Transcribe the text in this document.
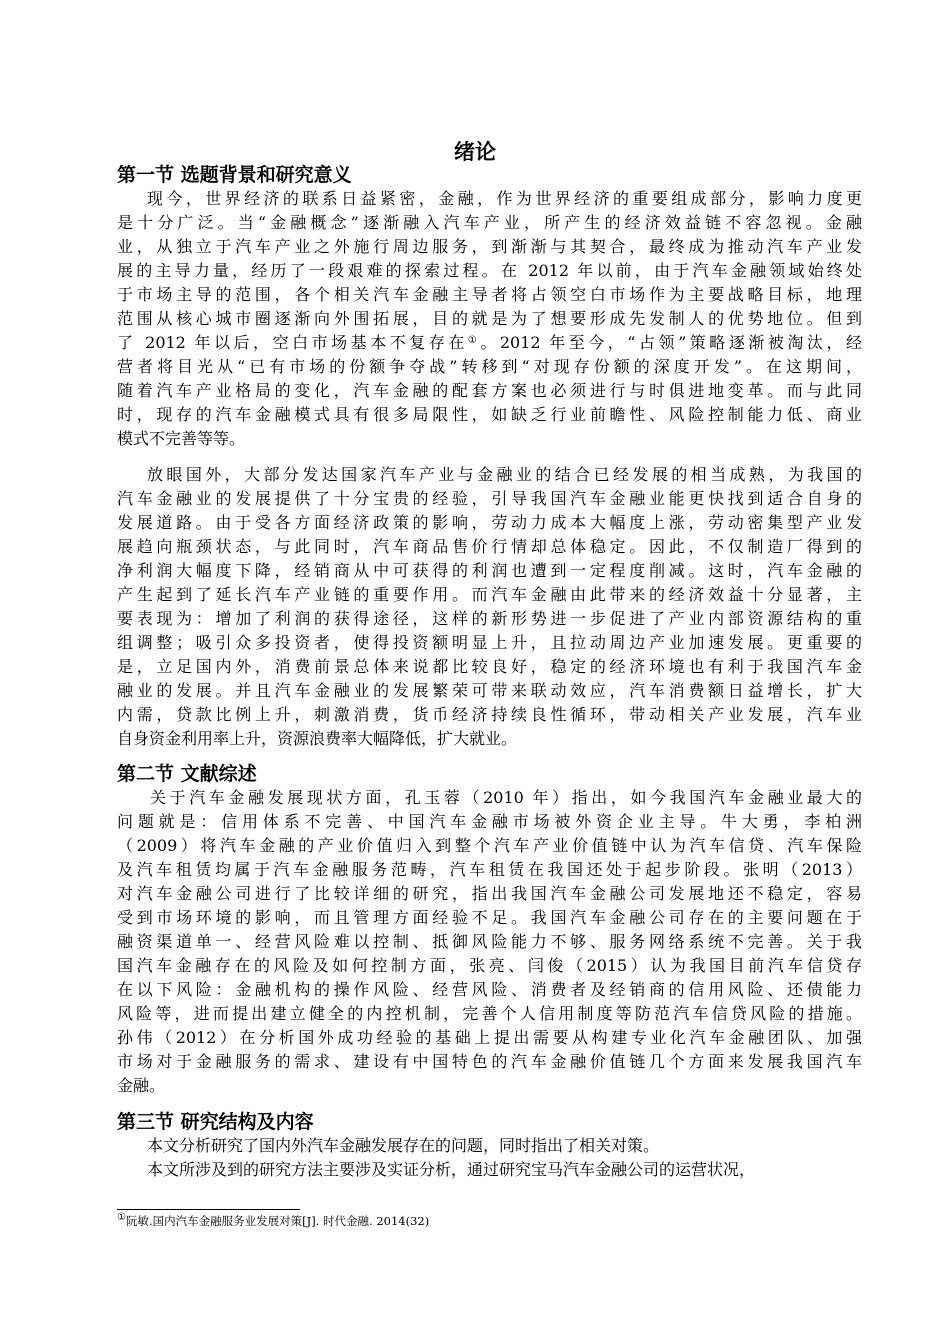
绪论
第一节 选题背景和研究意义
现今，世界经济的联系日益紧密，金融，作为世界经济的重要组成部分，影响力度更
是十分广泛。当“金融概念”逐渐融入汽车产业，所产生的经济效益链不容忽视。金融
业，从独立于汽车产业之外施行周边服务，到渐渐与其契合，最终成为推动汽车产业发
展的主导力量，经历了一段艰难的探索过程。在 2012 年以前，由于汽车金融领域始终处
于市场主导的范围，各个相关汽车金融主导者将占领空白市场作为主要战略目标，地理
范围从核心城市圈逐渐向外围拓展，目的就是为了想要形成先发制人的优势地位。但到
了 2012 年以后，空白市场基本不复存在①。2012 年至今，“占领”策略逐渐被淘汰，经
营者将目光从“已有市场的份额争夺战”转移到“对现存份额的深度开发”。在这期间，
随着汽车产业格局的变化，汽车金融的配套方案也必须进行与时俱进地变革。而与此同
时，现存的汽车金融模式具有很多局限性，如缺乏行业前瞻性、风险控制能力低、商业
模式不完善等等。
放眼国外，大部分发达国家汽车产业与金融业的结合已经发展的相当成熟，为我国的
汽车金融业的发展提供了十分宝贵的经验，引导我国汽车金融业能更快找到适合自身的
发展道路。由于受各方面经济政策的影响，劳动力成本大幅度上涨，劳动密集型产业发
展趋向瓶颈状态，与此同时，汽车商品售价行情却总体稳定。因此，不仅制造厂得到的
净利润大幅度下降，经销商从中可获得的利润也遭到一定程度削减。这时，汽车金融的
产生起到了延长汽车产业链的重要作用。而汽车金融由此带来的经济效益十分显著，主
要表现为：增加了利润的获得途径，这样的新形势进一步促进了产业内部资源结构的重
组调整；吸引众多投资者，使得投资额明显上升，且拉动周边产业加速发展。更重要的
是，立足国内外，消费前景总体来说都比较良好，稳定的经济环境也有利于我国汽车金
融业的发展。并且汽车金融业的发展繁荣可带来联动效应，汽车消费额日益增长，扩大
内需，贷款比例上升，刺激消费，货币经济持续良性循环，带动相关产业发展，汽车业
自身资金利用率上升，资源浪费率大幅降低，扩大就业。
第二节 文献综述
关于汽车金融发展现状方面，孔玉蓉（2010 年）指出，如今我国汽车金融业最大的
问题就是：信用体系不完善、中国汽车金融市场被外资企业主导。牛大勇，李柏洲
（2009）将汽车金融的产业价值归入到整个汽车产业价值链中认为汽车信贷、汽车保险
及汽车租赁均属于汽车金融服务范畴，汽车租赁在我国还处于起步阶段。张明（2013）
对汽车金融公司进行了比较详细的研究，指出我国汽车金融公司发展地还不稳定，容易
受到市场环境的影响，而且管理方面经验不足。我国汽车金融公司存在的主要问题在于
融资渠道单一、经营风险难以控制、抵御风险能力不够、服务网络系统不完善。关于我
国汽车金融存在的风险及如何控制方面，张亮、闫俊（2015）认为我国目前汽车信贷存
在以下风险：金融机构的操作风险、经营风险、消费者及经销商的信用风险、还债能力
风险等，进而提出建立健全的内控机制，完善个人信用制度等防范汽车信贷风险的措施。
孙伟（2012）在分析国外成功经验的基础上提出需要从构建专业化汽车金融团队、加强
市场对于金融服务的需求、建设有中国特色的汽车金融价值链几个方面来发展我国汽车
金融。
第三节 研究结构及内容
本文分析研究了国内外汽车金融发展存在的问题，同时指出了相关对策。
本文所涉及到的研究方法主要涉及实证分析，通过研究宝马汽车金融公司的运营状况，
①阮敏.国内汽车金融服务业发展对策[J]. 时代金融. 2014(32)
